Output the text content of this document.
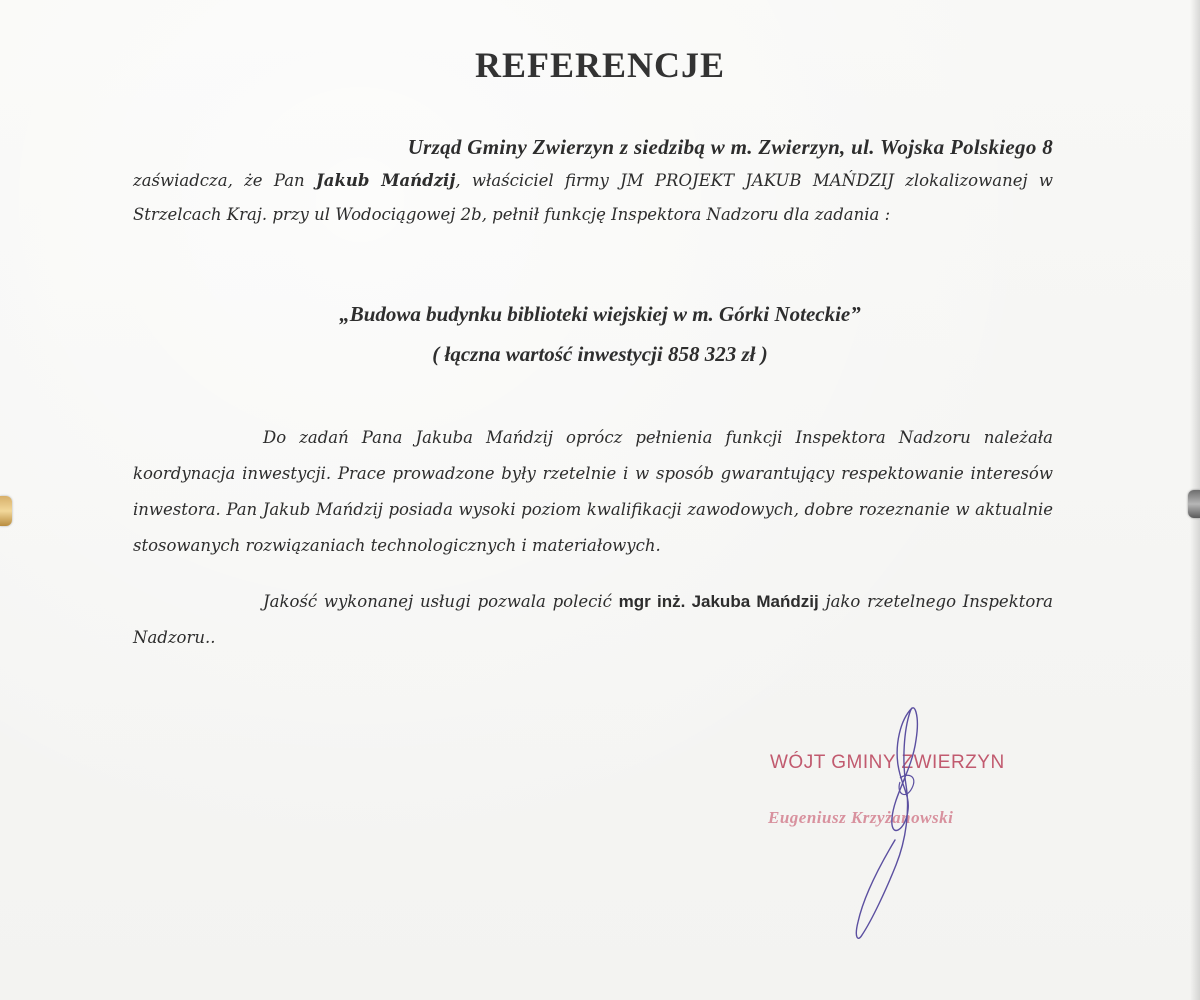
REFERENCJE
Urząd Gminy Zwierzyn z siedzibą w m. Zwierzyn, ul. Wojska Polskiego 8
zaświadcza, że Pan Jakub Mańdzij, właściciel firmy JM PROJEKT JAKUB MAŃDZIJ zlokalizowanej w Strzelcach Kraj. przy ul Wodociągowej 2b, pełnił funkcję Inspektora Nadzoru dla zadania :
„Budowa budynku biblioteki wiejskiej w m. Górki Noteckie”
( łączna wartość inwestycji 858 323 zł )
Do zadań Pana Jakuba Mańdzij oprócz pełnienia funkcji Inspektora Nadzoru należała koordynacja inwestycji. Prace prowadzone były rzetelnie i w sposób gwarantujący respektowanie interesów inwestora. Pan Jakub Mańdzij posiada wysoki poziom kwalifikacji zawodowych, dobre rozeznanie w aktualnie stosowanych rozwiązaniach technologicznych i materiałowych.
Jakość wykonanej usługi pozwala polecić mgr inż. Jakuba Mańdzij jako rzetelnego Inspektora Nadzoru..
WÓJT GMINY ZWIERZYN
Eugeniusz Krzyżanowski
